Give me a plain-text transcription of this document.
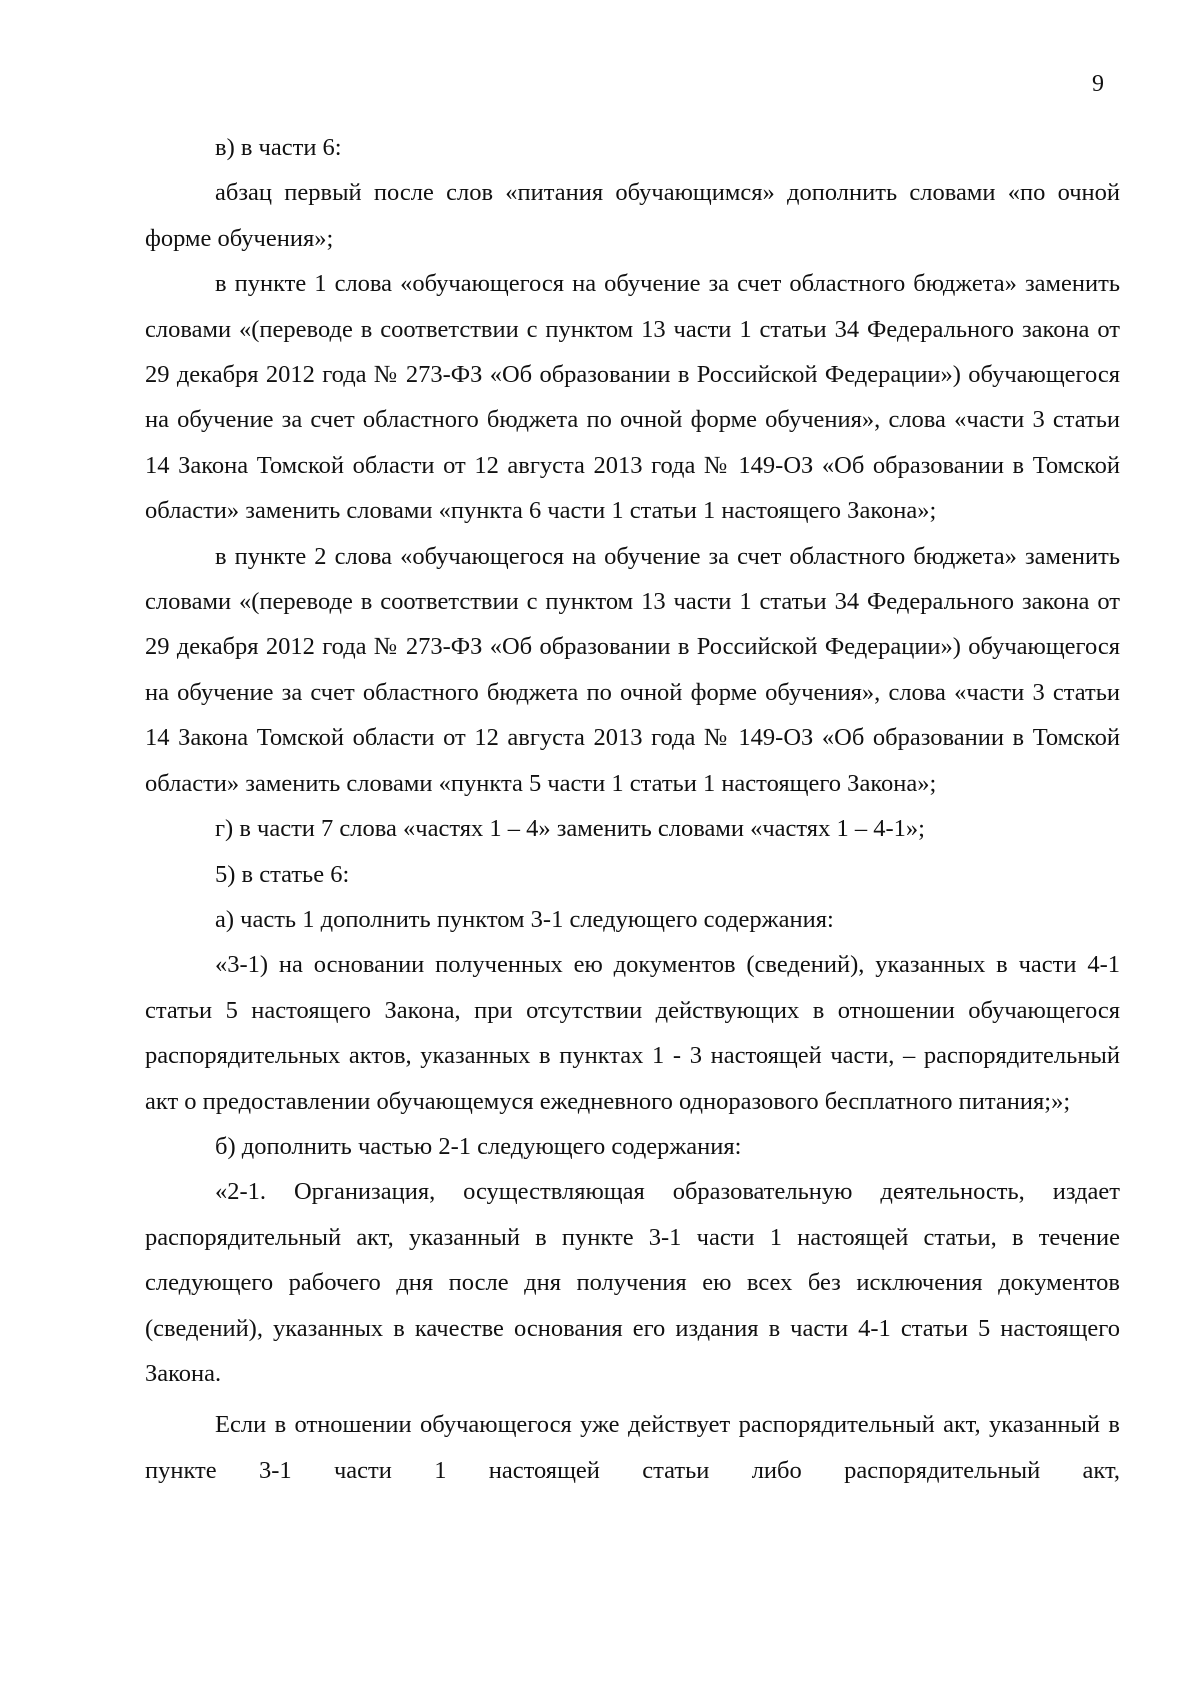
9

в) в части 6:

абзац первый после слов «питания обучающимся» дополнить словами «по очной форме обучения»;

в пункте 1 слова «обучающегося на обучение за счет областного бюджета» заменить словами «(переводе в соответствии с пунктом 13 части 1 статьи 34 Федерального закона от 29 декабря 2012 года № 273-ФЗ «Об образовании в Российской Федерации») обучающегося на обучение за счет областного бюджета по очной форме обучения», слова «части 3 статьи 14 Закона Томской области от 12 августа 2013 года № 149-ОЗ «Об образовании в Томской области» заменить словами «пункта 6 части 1 статьи 1 настоящего Закона»;

в пункте 2 слова «обучающегося на обучение за счет областного бюджета» заменить словами «(переводе в соответствии с пунктом 13 части 1 статьи 34 Федерального закона от 29 декабря 2012 года № 273-ФЗ «Об образовании в Российской Федерации») обучающегося на обучение за счет областного бюджета по очной форме обучения», слова «части 3 статьи 14 Закона Томской области от 12 августа 2013 года № 149-ОЗ «Об образовании в Томской области» заменить словами «пункта 5 части 1 статьи 1 настоящего Закона»;

г) в части 7 слова «частях 1 – 4» заменить словами «частях 1 – 4-1»;

5) в статье 6:

а) часть 1 дополнить пунктом 3-1 следующего содержания:

«3-1) на основании полученных ею документов (сведений), указанных в части 4-1 статьи 5 настоящего Закона, при отсутствии действующих в отношении обучающегося распорядительных актов, указанных в пунктах 1 - 3 настоящей части, – распорядительный акт о предоставлении обучающемуся ежедневного одноразового бесплатного питания;»;

б) дополнить частью 2-1 следующего содержания:

«2-1. Организация, осуществляющая образовательную деятельность, издает распорядительный акт, указанный в пункте 3-1 части 1 настоящей статьи, в течение следующего рабочего дня после дня получения ею всех без исключения документов (сведений), указанных в качестве основания его издания в части 4-1 статьи 5 настоящего Закона.

Если в отношении обучающегося уже действует распорядительный акт, указанный в пункте 3-1 части 1 настоящей статьи либо распорядительный акт,
